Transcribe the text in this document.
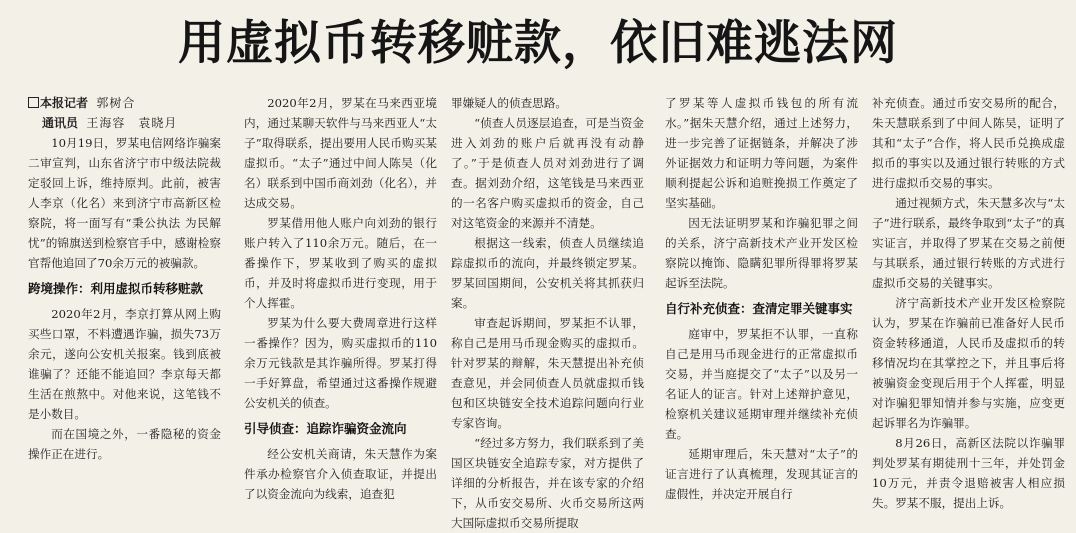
用虚拟币转移赃款，依旧难逃法网
本报记者 郭树合
通讯员 王海容　袁晓月

10月19日，罗某电信网络诈骗案二审宣判，山东省济宁市中级法院裁定驳回上诉，维持原判。此前，被害人李京（化名）来到济宁市高新区检察院，将一面写有“秉公执法 为民解忧”的锦旗送到检察官手中，感谢检察官帮他追回了70余万元的被骗款。

跨境操作：利用虚拟币转移赃款

2020年2月，李京打算从网上购买些口罩，不料遭遇诈骗，损失73万余元，遂向公安机关报案。钱到底被谁骗了？还能不能追回？李京每天都生活在煎熬中。对他来说，这笔钱不是小数目。

而在国境之外，一番隐秘的资金操作正在进行。

2020年2月，罗某在马来西亚境内，通过某聊天软件与马来西亚人“太子”取得联系，提出要用人民币购买某虚拟币。“太子”通过中间人陈吴（化名）联系到中国币商刘劲（化名），并达成交易。

罗某借用他人账户向刘劲的银行账户转入了110余万元。随后，在一番操作下，罗某收到了购买的虚拟币，并及时将虚拟币进行变现，用于个人挥霍。

罗某为什么要大费周章进行这样一番操作？因为，购买虚拟币的110余万元钱款是其诈骗所得。罗某打得一手好算盘，希望通过这番操作规避公安机关的侦查。

引导侦查：追踪诈骗资金流向

经公安机关商请，朱天慧作为案件承办检察官介入侦查取证，并提出了以资金流向为线索，追查犯

罪嫌疑人的侦查思路。

“侦查人员逐层追查，可是当资金进入刘劲的账户后就再没有动静了。”于是侦查人员对刘劲进行了调查。据刘劲介绍，这笔钱是马来西亚的一名客户购买虚拟币的资金，自己对这笔资金的来源并不清楚。

根据这一线索，侦查人员继续追踪虚拟币的流向，并最终锁定罗某。罗某回国期间，公安机关将其抓获归案。

审查起诉期间，罗某拒不认罪，称自己是用马币现金购买的虚拟币。针对罗某的辩解，朱天慧提出补充侦查意见，并会同侦查人员就虚拟币钱包和区块链安全技术追踪问题向行业专家咨询。

“经过多方努力，我们联系到了美国区块链安全追踪专家，对方提供了详细的分析报告，并在该专家的介绍下，从币安交易所、火币交易所这两大国际虚拟币交易所提取

了罗某等人虚拟币钱包的所有流水。”据朱天慧介绍，通过上述努力，进一步完善了证据链条，并解决了涉外证据效力和证明力等问题，为案件顺利提起公诉和追赃挽损工作奠定了坚实基础。

因无法证明罗某和诈骗犯罪之间的关系，济宁高新技术产业开发区检察院以掩饰、隐瞒犯罪所得罪将罗某起诉至法院。

自行补充侦查：查清定罪关键事实

庭审中，罗某拒不认罪，一直称自己是用马币现金进行的正常虚拟币交易，并当庭提交了“太子”以及另一名证人的证言。针对上述辩护意见，检察机关建议延期审理并继续补充侦查。

延期审理后，朱天慧对“太子”的证言进行了认真梳理，发现其证言的虚假性，并决定开展自行

补充侦查。通过币安交易所的配合，朱天慧联系到了中间人陈吴，证明了其和“太子”合作，将人民币兑换成虚拟币的事实以及通过银行转账的方式进行虚拟币交易的事实。

通过视频方式，朱天慧多次与“太子”进行联系，最终争取到“太子”的真实证言，并取得了罗某在交易之前便与其联系，通过银行转账的方式进行虚拟币交易的关键事实。

济宁高新技术产业开发区检察院认为，罗某在诈骗前已准备好人民币资金转移通道，人民币及虚拟币的转移情况均在其掌控之下，并且事后将被骗资金变现后用于个人挥霍，明显对诈骗犯罪知情并参与实施，应变更起诉罪名为诈骗罪。

8月26日，高新区法院以诈骗罪判处罗某有期徒刑十三年，并处罚金10万元，并责令退赔被害人相应损失。罗某不服，提出上诉。
